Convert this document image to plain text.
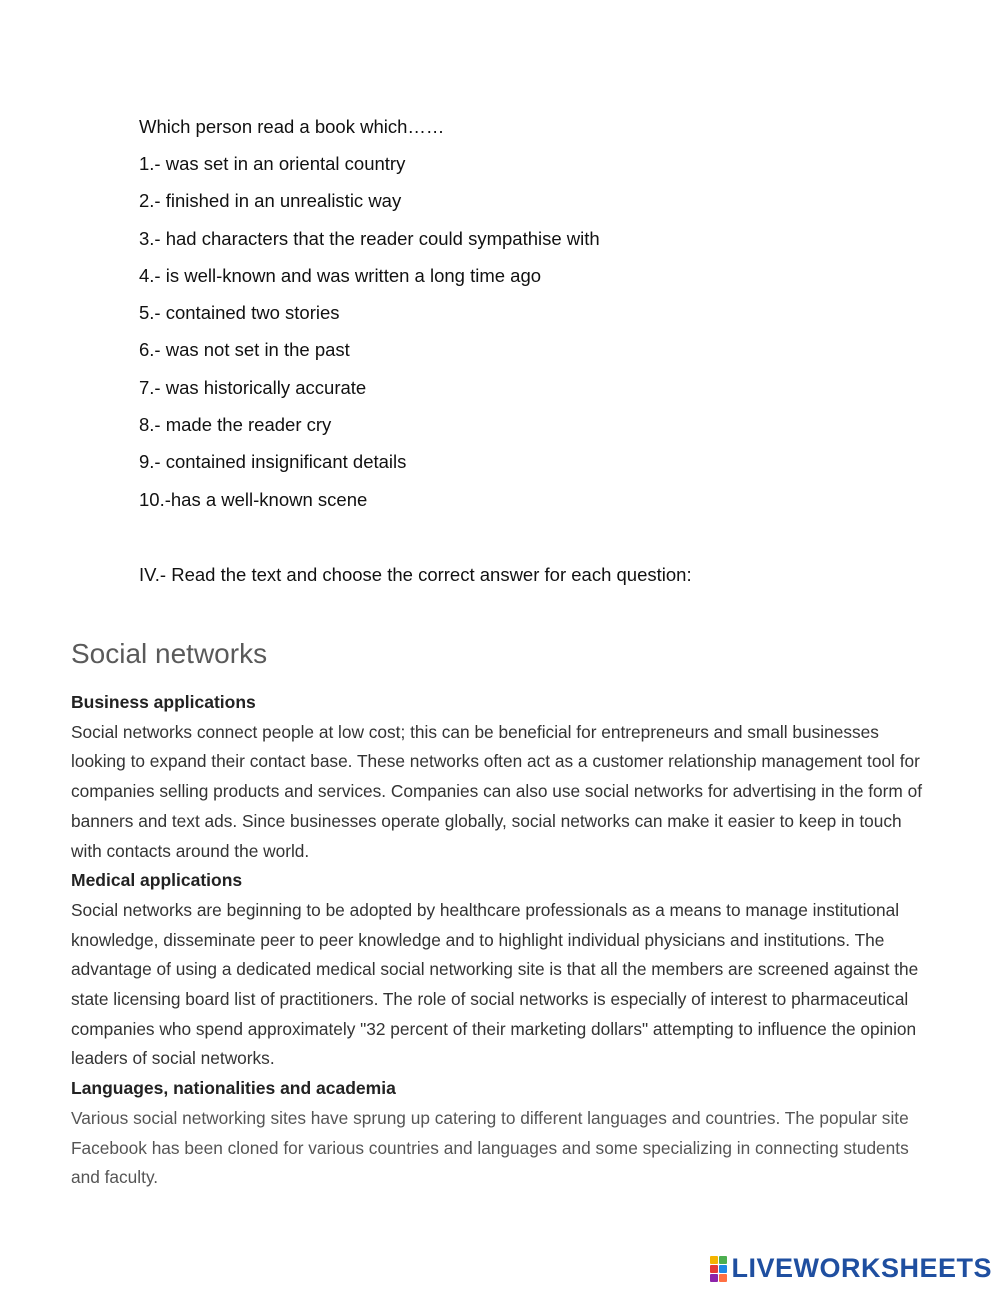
Which person read a book which……
1.- was set in an oriental country
2.- finished in an unrealistic way
3.- had characters that the reader could sympathise with
4.- is well-known and was written a long time ago
5.- contained two stories
6.- was not set in the past
7.- was historically accurate
8.- made the reader cry
9.- contained insignificant details
10.-has a well-known scene
IV.- Read the text and choose the correct answer for each question:
Social networks
Business applications
Social networks connect people at low cost; this can be beneficial for entrepreneurs and small businesses looking to expand their contact base. These networks often act as a customer relationship management tool for companies selling products and services. Companies can also use social networks for advertising in the form of banners and text ads. Since businesses operate globally, social networks can make it easier to keep in touch with contacts around the world.
Medical applications
Social networks are beginning to be adopted by healthcare professionals as a means to manage institutional knowledge, disseminate peer to peer knowledge and to highlight individual physicians and institutions. The advantage of using a dedicated medical social networking site is that all the members are screened against the state licensing board list of practitioners. The role of social networks is especially of interest to pharmaceutical companies who spend approximately "32 percent of their marketing dollars" attempting to influence the opinion leaders of social networks.
Languages, nationalities and academia
Various social networking sites have sprung up catering to different languages and countries. The popular site Facebook has been cloned for various countries and languages and some specializing in connecting students and faculty.
LIVEWORKSHEETS
